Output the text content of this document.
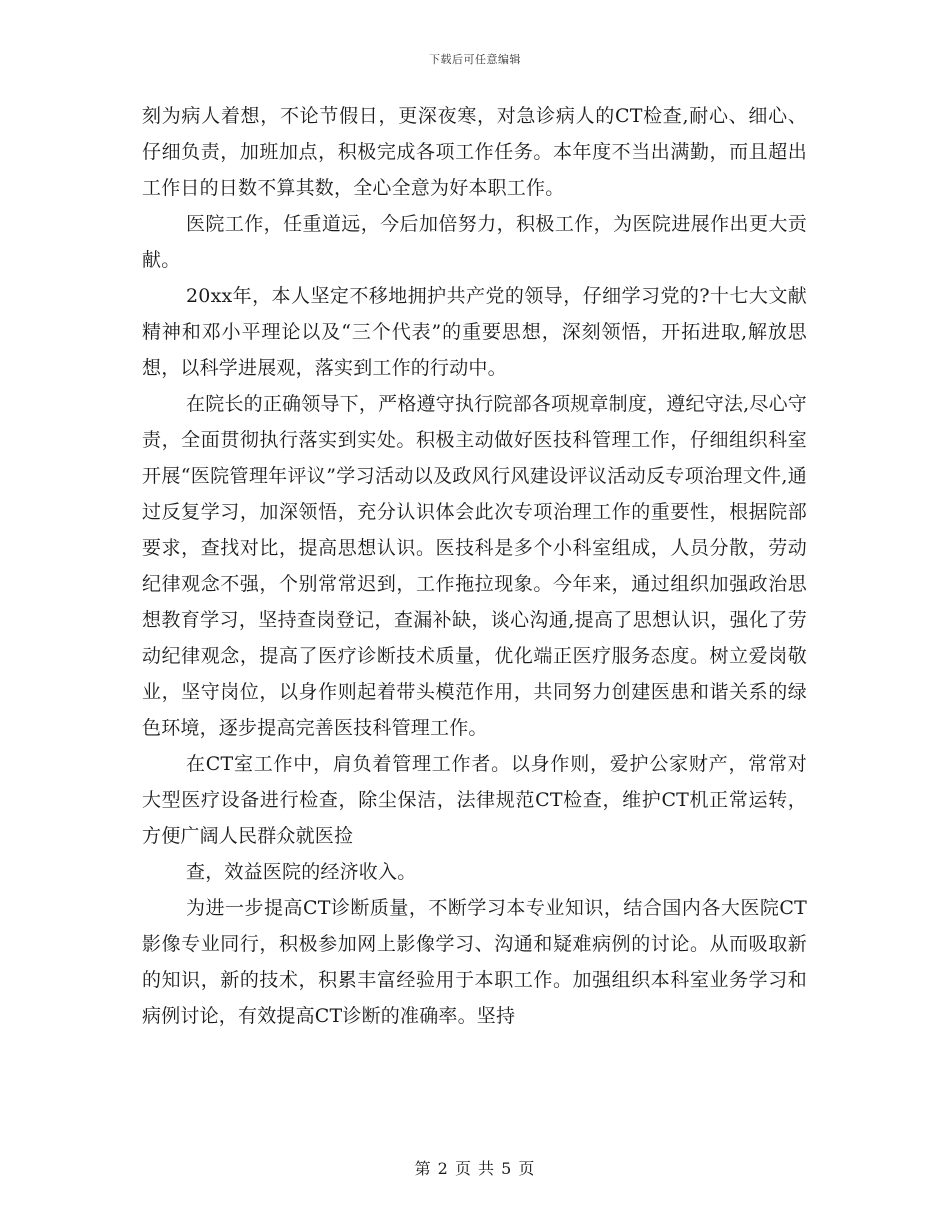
下载后可任意编辑

刻为病人着想，不论节假日，更深夜寒，对急诊病人的CT检查,耐心、细心、仔细负责，加班加点，积极完成各项工作任务。本年度不当出满勤，而且超出工作日的日数不算其数，全心全意为好本职工作。

医院工作，任重道远，今后加倍努力，积极工作，为医院进展作出更大贡献。

20xx年，本人坚定不移地拥护共产党的领导，仔细学习党的?十七大文献精神和邓小平理论以及“三个代表”的重要思想，深刻领悟，开拓进取,解放思想，以科学进展观，落实到工作的行动中。

在院长的正确领导下，严格遵守执行院部各项规章制度，遵纪守法,尽心守责，全面贯彻执行落实到实处。积极主动做好医技科管理工作，仔细组织科室开展“医院管理年评议”学习活动以及政风行风建设评议活动反专项治理文件,通过反复学习，加深领悟，充分认识体会此次专项治理工作的重要性，根据院部要求，查找对比，提高思想认识。医技科是多个小科室组成，人员分散，劳动纪律观念不强，个别常常迟到，工作拖拉现象。今年来，通过组织加强政治思想教育学习，坚持查岗登记，查漏补缺，谈心沟通,提高了思想认识，强化了劳动纪律观念，提高了医疗诊断技术质量，优化端正医疗服务态度。树立爱岗敬业，坚守岗位，以身作则起着带头模范作用，共同努力创建医患和谐关系的绿色环境，逐步提高完善医技科管理工作。

在CT室工作中，肩负着管理工作者。以身作则，爱护公家财产，常常对大型医疗设备进行检查，除尘保洁，法律规范CT检查，维护CT机正常运转，方便广阔人民群众就医捡

查，效益医院的经济收入。

为进一步提高CT诊断质量，不断学习本专业知识，结合国内各大医院CT影像专业同行，积极参加网上影像学习、沟通和疑难病例的讨论。从而吸取新的知识，新的技术，积累丰富经验用于本职工作。加强组织本科室业务学习和病例讨论，有效提高CT诊断的准确率。坚持

第 2 页 共 5 页
